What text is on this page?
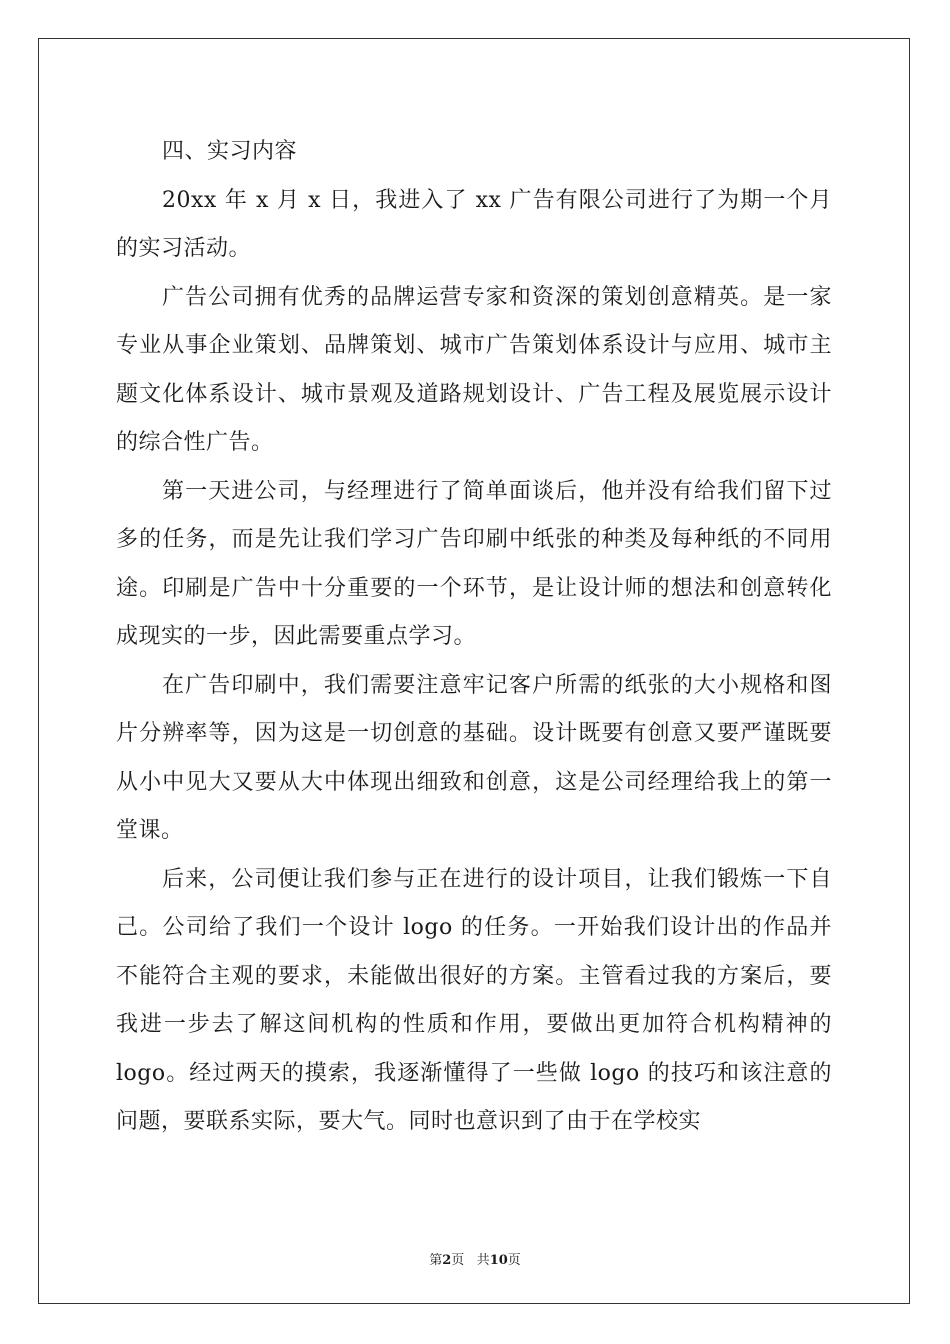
四、实习内容

20xx 年 x 月 x 日，我进入了 xx 广告有限公司进行了为期一个月的实习活动。

广告公司拥有优秀的品牌运营专家和资深的策划创意精英。是一家专业从事企业策划、品牌策划、城市广告策划体系设计与应用、城市主题文化体系设计、城市景观及道路规划设计、广告工程及展览展示设计的综合性广告。

第一天进公司，与经理进行了简单面谈后，他并没有给我们留下过多的任务，而是先让我们学习广告印刷中纸张的种类及每种纸的不同用途。印刷是广告中十分重要的一个环节，是让设计师的想法和创意转化成现实的一步，因此需要重点学习。

在广告印刷中，我们需要注意牢记客户所需的纸张的大小规格和图片分辨率等，因为这是一切创意的基础。设计既要有创意又要严谨既要从小中见大又要从大中体现出细致和创意，这是公司经理给我上的第一堂课。

后来，公司便让我们参与正在进行的设计项目，让我们锻炼一下自己。公司给了我们一个设计 logo 的任务。一开始我们设计出的作品并不能符合主观的要求，未能做出很好的方案。主管看过我的方案后，要我进一步去了解这间机构的性质和作用，要做出更加符合机构精神的 logo。经过两天的摸索，我逐渐懂得了一些做 logo 的技巧和该注意的问题，要联系实际，要大气。同时也意识到了由于在学校实

第2页 共10页
